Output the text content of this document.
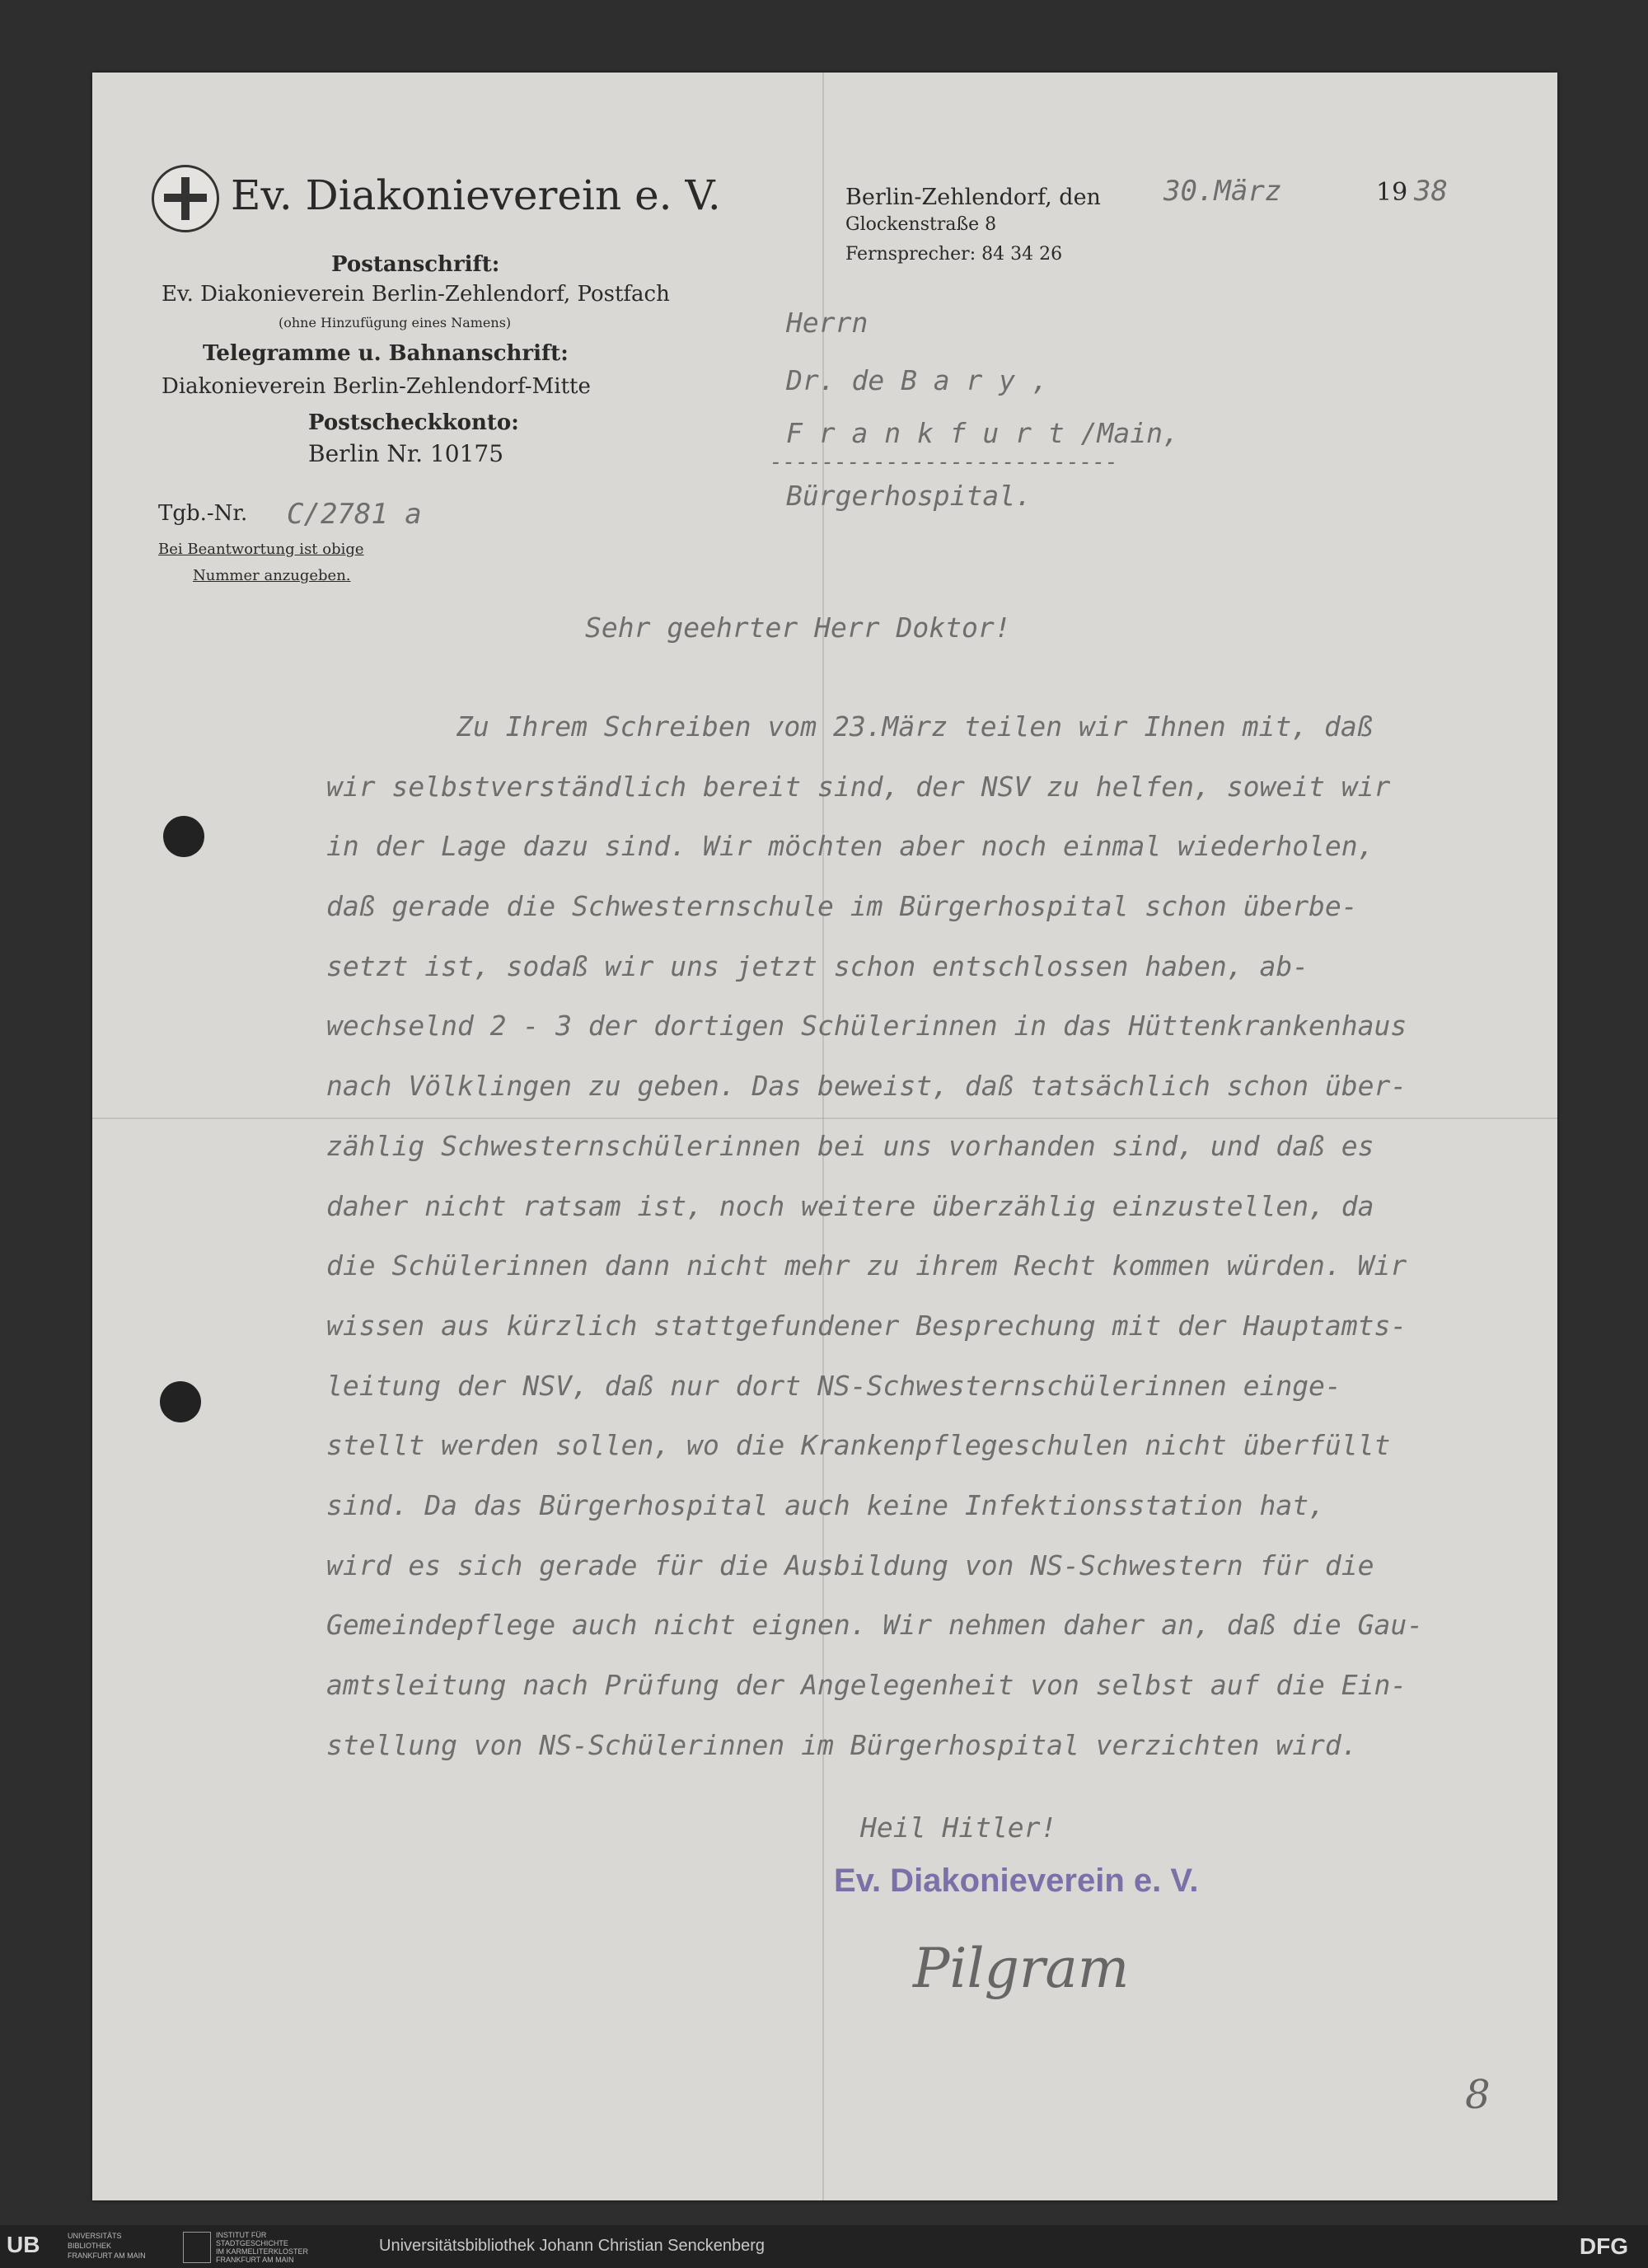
Ev. Diakonieverein e. V.
Postanschrift:
Ev. Diakonieverein Berlin-Zehlendorf, Postfach
(ohne Hinzufügung eines Namens)
Telegramme u. Bahnanschrift:
Diakonieverein Berlin-Zehlendorf-Mitte
Postscheckkonto:
Berlin Nr. 10175
Tgb.-Nr. C/2781 a
Bei Beantwortung ist obige
Nummer anzugeben.
Berlin-Zehlendorf, den
Glockenstraße 8
Fernsprecher: 84 34 26
30.März	19 38
Herrn
Dr. de B a r y ,
F r a n k f u r t /Main,
---------------------------
Bürgerhospital.
Sehr geehrter Herr Doktor!
Zu Ihrem Schreiben vom 23.März teilen wir Ihnen mit, daß
wir selbstverständlich bereit sind, der NSV zu helfen, soweit wir
in der Lage dazu sind. Wir möchten aber noch einmal wiederholen,
daß gerade die Schwesternschule im Bürgerhospital schon überbe-
setzt ist, sodaß wir uns jetzt schon entschlossen haben, ab-
wechselnd 2 - 3 der dortigen Schülerinnen in das Hüttenkrankenhaus
nach Völklingen zu geben. Das beweist, daß tatsächlich schon über-
zählig Schwesternschülerinnen bei uns vorhanden sind, und daß es
daher nicht ratsam ist, noch weitere überzählig einzustellen, da
die Schülerinnen dann nicht mehr zu ihrem Recht kommen würden. Wir
wissen aus kürzlich stattgefundener Besprechung mit der Hauptamts-
leitung der NSV, daß nur dort NS-Schwesternschülerinnen einge-
stellt werden sollen, wo die Krankenpflegeschulen nicht überfüllt
sind. Da das Bürgerhospital auch keine Infektionsstation hat,
wird es sich gerade für die Ausbildung von NS-Schwestern für die
Gemeindepflege auch nicht eignen. Wir nehmen daher an, daß die Gau-
amtsleitung nach Prüfung der Angelegenheit von selbst auf die Ein-
stellung von NS-Schülerinnen im Bürgerhospital verzichten wird.
Heil Hitler!
Ev. Diakonieverein e. V.
Pilgram
8
UB	UNIVERSITÄTS
BIBLIOTHEK
FRANKFURT AM MAIN
INSTITUT FÜR
STADTGESCHICHTE
IM KARMELITERKLOSTER
FRANKFURT AM MAIN
Universitätsbibliothek Johann Christian Senckenberg	DFG
